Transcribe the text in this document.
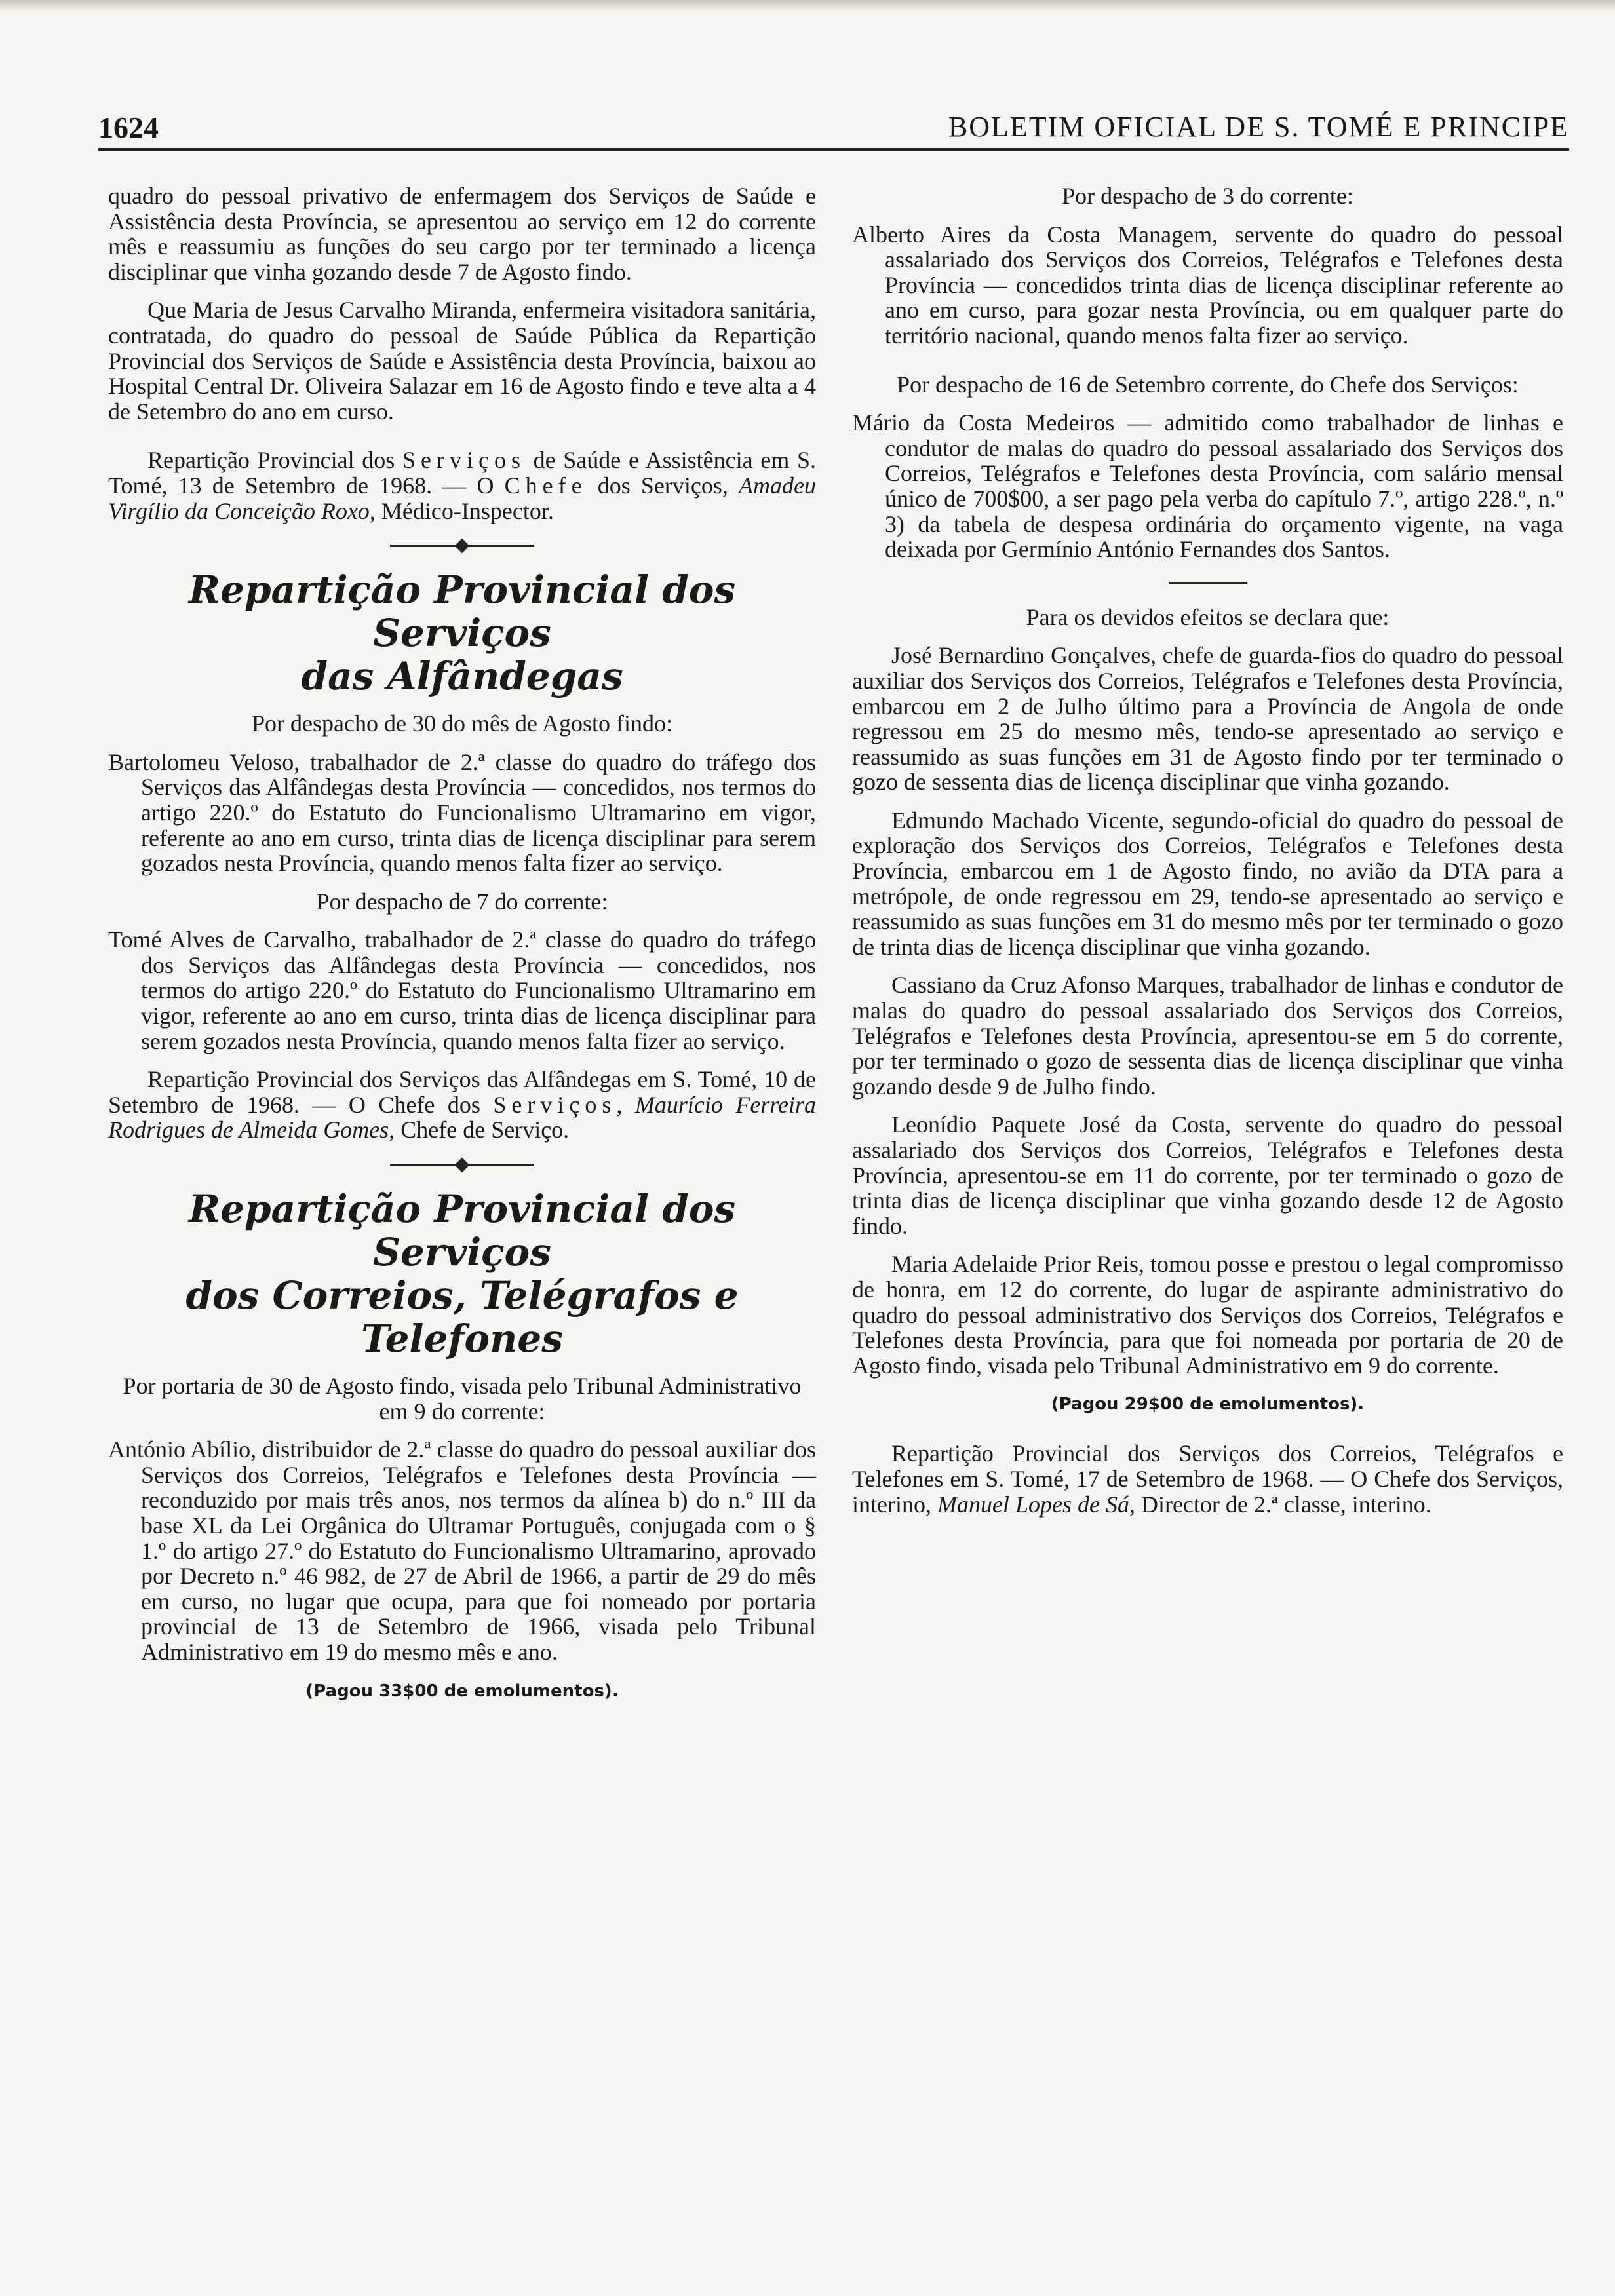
1624	BOLETIM OFICIAL DE S. TOMÉ E PRINCIPE

quadro do pessoal privativo de enfermagem dos Serviços de Saúde e Assistência desta Província, se apresentou ao serviço em 12 do corrente mês e reassumiu as funções do seu cargo por ter terminado a licença disciplinar que vinha gozando desde 7 de Agosto findo.

Que Maria de Jesus Carvalho Miranda, enfermeira visitadora sanitária, contratada, do quadro do pessoal de Saúde Pública da Repartição Provincial dos Serviços de Saúde e Assistência desta Província, baixou ao Hospital Central Dr. Oliveira Salazar em 16 de Agosto findo e teve alta a 4 de Setembro do ano em curso.

Repartição Provincial dos Serviços de Saúde e Assistência em S. Tomé, 13 de Setembro de 1968. — O Chefe dos Serviços, Amadeu Virgílio da Conceição Roxo, Médico-Inspector.

Repartição Provincial dos Serviços

das Alfândegas

Por despacho de 30 do mês de Agosto findo:

Bartolomeu Veloso, trabalhador de 2.ª classe do quadro do tráfego dos Serviços das Alfândegas desta Província — concedidos, nos termos do artigo 220.º do Estatuto do Funcionalismo Ultramarino em vigor, referente ao ano em curso, trinta dias de licença disciplinar para serem gozados nesta Província, quando menos falta fizer ao serviço.

Por despacho de 7 do corrente:

Tomé Alves de Carvalho, trabalhador de 2.ª classe do quadro do tráfego dos Serviços das Alfândegas desta Província — concedidos, nos termos do artigo 220.º do Estatuto do Funcionalismo Ultramarino em vigor, referente ao ano em curso, trinta dias de licença disciplinar para serem gozados nesta Província, quando menos falta fizer ao serviço.

Repartição Provincial dos Serviços das Alfândegas em S. Tomé, 10 de Setembro de 1968. — O Chefe dos Serviços, Maurício Ferreira Rodrigues de Almeida Gomes, Chefe de Serviço.

Repartição Provincial dos Serviços

dos Correios, Telégrafos e Telefones

Por portaria de 30 de Agosto findo, visada pelo Tribunal Administrativo em 9 do corrente:

António Abílio, distribuidor de 2.ª classe do quadro do pessoal auxiliar dos Serviços dos Correios, Telégrafos e Telefones desta Província — reconduzido por mais três anos, nos termos da alínea b) do n.º III da base XL da Lei Orgânica do Ultramar Português, conjugada com o § 1.º do artigo 27.º do Estatuto do Funcionalismo Ultramarino, aprovado por Decreto n.º 46 982, de 27 de Abril de 1966, a partir de 29 do mês em curso, no lugar que ocupa, para que foi nomeado por portaria provincial de 13 de Setembro de 1966, visada pelo Tribunal Administrativo em 19 do mesmo mês e ano.

(Pagou 33$00 de emolumentos).

Por despacho de 3 do corrente:

Alberto Aires da Costa Managem, servente do quadro do pessoal assalariado dos Serviços dos Correios, Telégrafos e Telefones desta Província — concedidos trinta dias de licença disciplinar referente ao ano em curso, para gozar nesta Província, ou em qualquer parte do território nacional, quando menos falta fizer ao serviço.

Por despacho de 16 de Setembro corrente, do Chefe dos Serviços:

Mário da Costa Medeiros — admitido como trabalhador de linhas e condutor de malas do quadro do pessoal assalariado dos Serviços dos Correios, Telégrafos e Telefones desta Província, com salário mensal único de 700$00, a ser pago pela verba do capítulo 7.º, artigo 228.º, n.º 3) da tabela de despesa ordinária do orçamento vigente, na vaga deixada por Germínio António Fernandes dos Santos.

Para os devidos efeitos se declara que:

José Bernardino Gonçalves, chefe de guarda-fios do quadro do pessoal auxiliar dos Serviços dos Correios, Telégrafos e Telefones desta Província, embarcou em 2 de Julho último para a Província de Angola de onde regressou em 25 do mesmo mês, tendo-se apresentado ao serviço e reassumido as suas funções em 31 de Agosto findo por ter terminado o gozo de sessenta dias de licença disciplinar que vinha gozando.

Edmundo Machado Vicente, segundo-oficial do quadro do pessoal de exploração dos Serviços dos Correios, Telégrafos e Telefones desta Província, embarcou em 1 de Agosto findo, no avião da DTA para a metrópole, de onde regressou em 29, tendo-se apresentado ao serviço e reassumido as suas funções em 31 do mesmo mês por ter terminado o gozo de trinta dias de licença disciplinar que vinha gozando.

Cassiano da Cruz Afonso Marques, trabalhador de linhas e condutor de malas do quadro do pessoal assalariado dos Serviços dos Correios, Telégrafos e Telefones desta Província, apresentou-se em 5 do corrente, por ter terminado o gozo de sessenta dias de licença disciplinar que vinha gozando desde 9 de Julho findo.

Leonídio Paquete José da Costa, servente do quadro do pessoal assalariado dos Serviços dos Correios, Telégrafos e Telefones desta Província, apresentou-se em 11 do corrente, por ter terminado o gozo de trinta dias de licença disciplinar que vinha gozando desde 12 de Agosto findo.

Maria Adelaide Prior Reis, tomou posse e prestou o legal compromisso de honra, em 12 do corrente, do lugar de aspirante administrativo do quadro do pessoal administrativo dos Serviços dos Correios, Telégrafos e Telefones desta Província, para que foi nomeada por portaria de 20 de Agosto findo, visada pelo Tribunal Administrativo em 9 do corrente.

(Pagou 29$00 de emolumentos).

Repartição Provincial dos Serviços dos Correios, Telégrafos e Telefones em S. Tomé, 17 de Setembro de 1968. — O Chefe dos Serviços, interino, Manuel Lopes de Sá, Director de 2.ª classe, interino.
